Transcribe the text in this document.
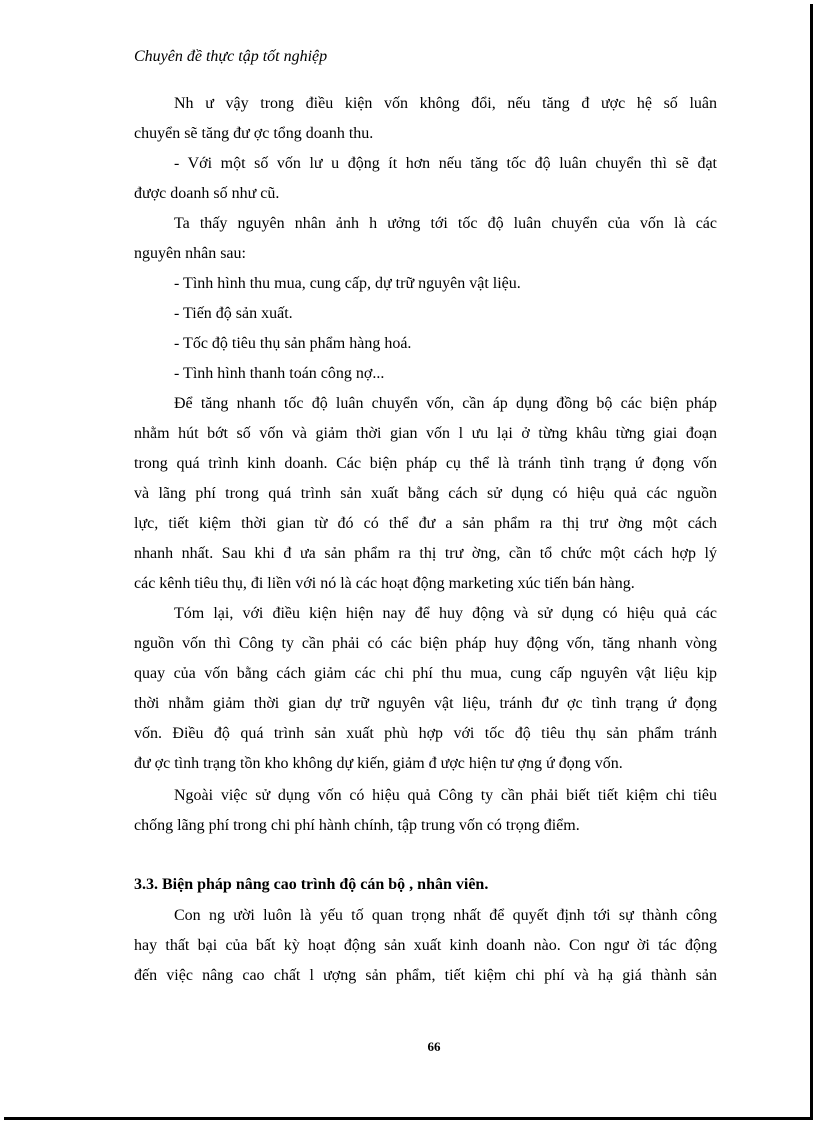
Chuyên đề thực tập tốt nghiệp
Nh ư vậy trong điều kiện vốn không đổi, nếu tăng đ ược hệ số luân
chuyển sẽ tăng đư ợc tổng doanh thu.
- Với một số vốn lư u động ít hơn nếu tăng tốc độ luân chuyển thì sẽ đạt
được doanh số như cũ.
Ta thấy nguyên nhân ảnh h ưởng tới tốc độ luân chuyển của vốn là các
nguyên nhân sau:
- Tình hình thu mua, cung cấp, dự trữ nguyên vật liệu.
- Tiến độ sản xuất.
- Tốc độ tiêu thụ sản phẩm hàng hoá.
- Tình hình thanh toán công nợ...
Để tăng nhanh tốc độ luân chuyển vốn, cần áp dụng đồng bộ các biện pháp
nhằm hút bớt số vốn và giảm thời gian vốn l ưu lại ở từng khâu từng giai đoạn
trong quá trình kinh doanh. Các biện pháp cụ thể là tránh tình trạng ứ đọng vốn
và lãng phí trong quá trình sản xuất bằng cách sử dụng có hiệu quả các nguồn
lực, tiết kiệm thời gian từ đó có thể đư a sản phẩm ra thị trư ờng một cách
nhanh nhất. Sau khi đ ưa sản phẩm ra thị trư ờng, cần tổ chức một cách hợp lý
các kênh tiêu thụ, đi liền với nó là các hoạt động marketing xúc tiến bán hàng.
Tóm lại, với điều kiện hiện nay để huy động và sử dụng có hiệu quả các
nguồn vốn thì Công ty cần phải có các biện pháp huy động vốn, tăng nhanh vòng
quay của vốn bằng cách giảm các chi phí thu mua, cung cấp nguyên vật liệu kịp
thời nhằm giảm thời gian dự trữ nguyên vật liệu, tránh đư ợc tình trạng ứ đọng
vốn. Điều độ quá trình sản xuất phù hợp với tốc độ tiêu thụ sản phẩm tránh
đư ợc tình trạng tồn kho không dự kiến, giảm đ ược hiện tư ợng ứ đọng vốn.
Ngoài việc sử dụng vốn có hiệu quả Công ty cần phải biết tiết kiệm chi tiêu
chống lãng phí trong chi phí hành chính, tập trung vốn có trọng điểm.
3.3. Biện pháp nâng cao trình độ cán bộ , nhân viên.
Con ng ười luôn là yếu tố quan trọng nhất để quyết định tới sự thành công
hay thất bại của bất kỳ hoạt động sản xuất kinh doanh nào. Con ngư ời tác động
đến việc nâng cao chất l ượng sản phẩm, tiết kiệm chi phí và hạ giá thành sản
66
